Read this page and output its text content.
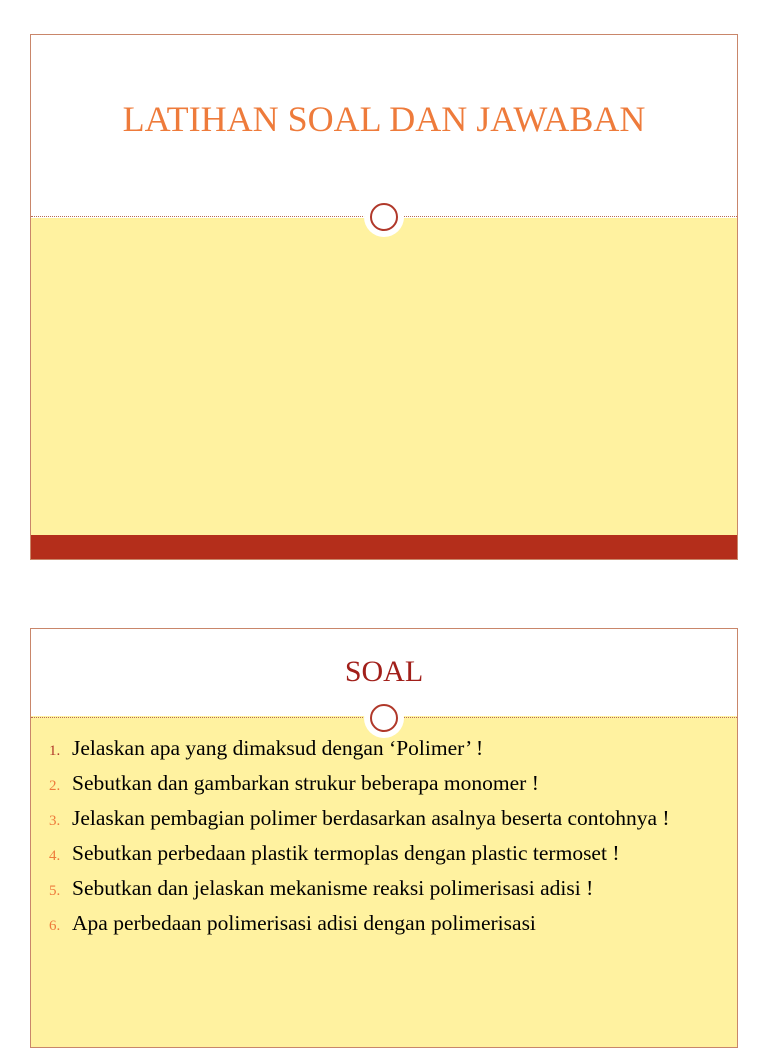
LATIHAN SOAL DAN JAWABAN
SOAL
1. Jelaskan apa yang dimaksud dengan ‘Polimer’ !
2. Sebutkan dan gambarkan strukur beberapa monomer !
3. Jelaskan pembagian polimer berdasarkan asalnya beserta contohnya !
4. Sebutkan perbedaan plastik termoplas dengan plastic termoset !
5. Sebutkan dan jelaskan mekanisme reaksi polimerisasi adisi !
6. Apa perbedaan polimerisasi adisi dengan polimerisasi
